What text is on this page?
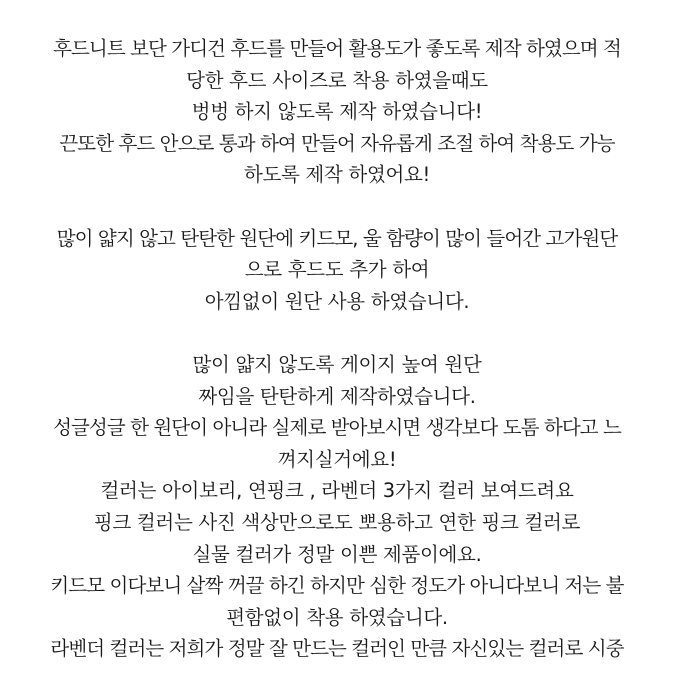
후드니트 보단 가디건 후드를 만들어 활용도가 좋도록 제작 하였으며 적
당한 후드 사이즈로 착용 하였을때도
벙벙 하지 않도록 제작 하였습니다!
끈또한 후드 안으로 통과 하여 만들어 자유롭게 조절 하여 착용도 가능
하도록 제작 하였어요!
많이 얇지 않고 탄탄한 원단에 키드모, 울 함량이 많이 들어간 고가원단
으로 후드도 추가 하여
아낌없이 원단 사용 하였습니다.
많이 얇지 않도록 게이지 높여 원단
짜임을 탄탄하게 제작하였습니다.
성글성글 한 원단이 아니라 실제로 받아보시면 생각보다 도톰 하다고 느
껴지실거에요!
컬러는 아이보리, 연핑크 , 라벤더 3가지 컬러 보여드려요
핑크 컬러는 사진 색상만으로도 뽀용하고 연한 핑크 컬러로
실물 컬러가 정말 이쁜 제품이에요.
키드모 이다보니 살짝 꺼끌 하긴 하지만 심한 정도가 아니다보니 저는 불
편함없이 착용 하였습니다.
라벤더 컬러는 저희가 정말 잘 만드는 컬러인 만큼 자신있는 컬러로 시중
